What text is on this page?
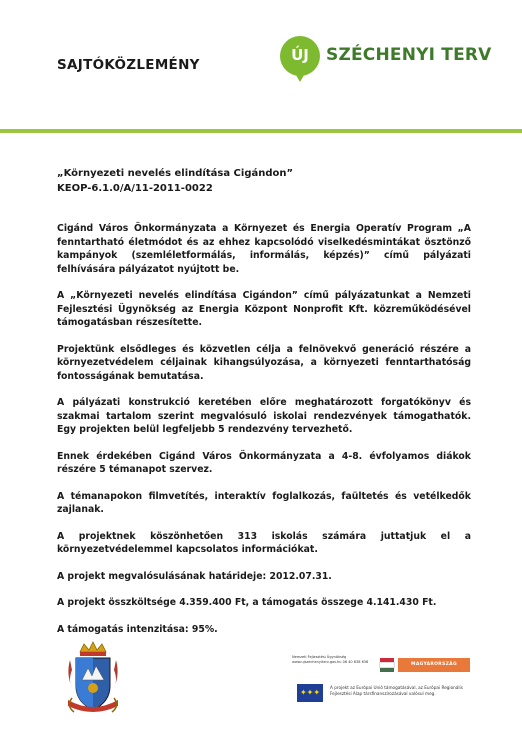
SAJTÓKÖZLEMÉNY
ÚJ	SZÉCHENYI TERV
„Környezeti nevelés elindítása Cigándon”
KEOP-6.1.0/A/11-2011-0022

Cigánd Város Önkormányzata a Környezet és Energia Operatív Program „A fenntartható életmódot és az ehhez kapcsolódó viselkedésmintákat ösztönző kampányok (szemléletformálás, informálás, képzés)” című pályázati felhívására pályázatot nyújtott be.

A „Környezeti nevelés elindítása Cigándon” című pályázatunkat a Nemzeti Fejlesztési Ügynökség az Energia Központ Nonprofit Kft. közreműködésével támogatásban részesítette.

Projektünk elsődleges és közvetlen célja a felnövekvő generáció részére a környezetvédelem céljainak kihangsúlyozása, a környezeti fenntarthatóság fontosságának bemutatása.

A pályázati konstrukció keretében előre meghatározott forgatókönyv és szakmai tartalom szerint megvalósuló iskolai rendezvények támogathatók. Egy projekten belül legfeljebb 5 rendezvény tervezhető.

Ennek érdekében Cigánd Város Önkormányzata a 4-8. évfolyamos diákok részére 5 témanapot szervez.

A témanapokon filmvetítés, interaktív foglalkozás, faültetés és vetélkedők zajlanak.

A projektnek köszönhetően 313 iskolás számára juttatjuk el a környezetvédelemmel kapcsolatos információkat.

A projekt megvalósulásának határideje: 2012.07.31.

A projekt összköltsége 4.359.400 Ft, a támogatás összege 4.141.430 Ft.

A támogatás intenzitása: 95%.

Nemzeti Fejlesztési Ügynökség www.ujszechenyiterv.gov.hu 06 40 638 638	MAGYARORSZÁG MEGÚJUL
✦✦✦
A projekt az Európai Unió támogatásával, az Európai Regionális Fejlesztési Alap társfinanszírozásával valósul meg.
